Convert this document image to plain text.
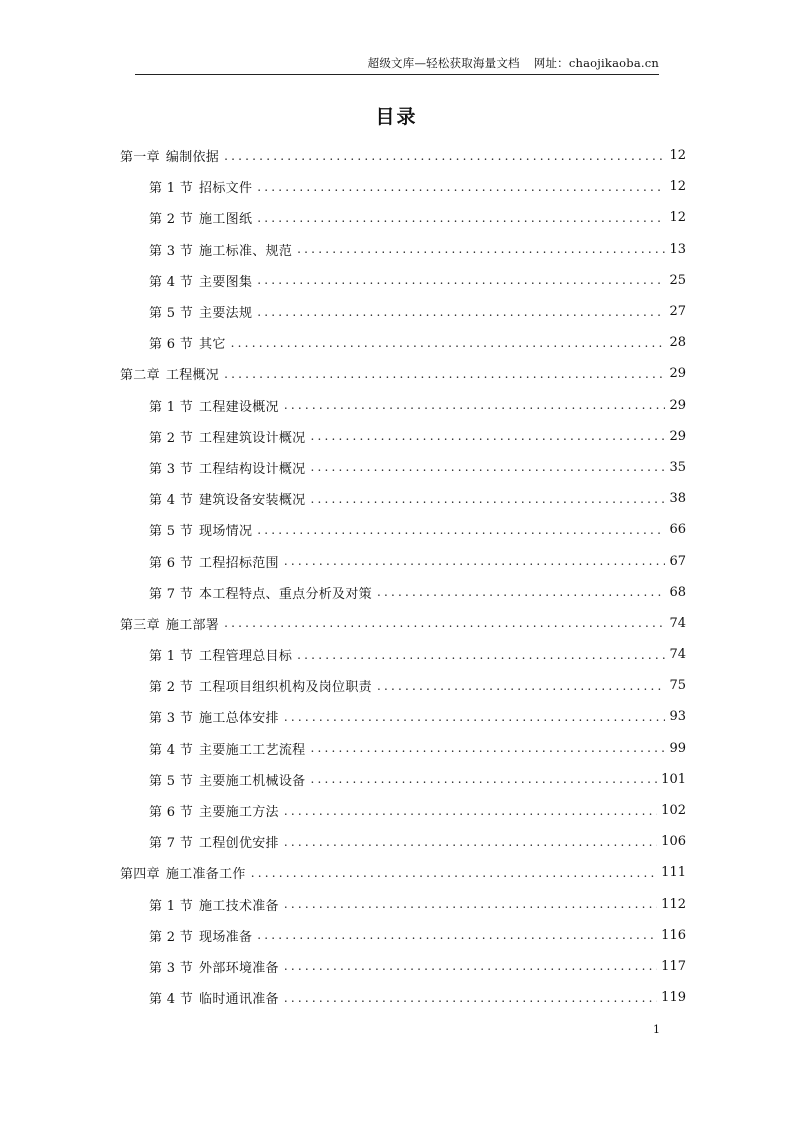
超级文库—轻松获取海量文档 网址：chaojikaoba.cn
目录
第一章 编制依据 .....	12
第 1 节 招标文件 .....	12
第 2 节 施工图纸 .....	12
第 3 节 施工标准、规范 .....	13
第 4 节 主要图集 .....	25
第 5 节 主要法规 .....	27
第 6 节 其它 .....	28
第二章 工程概况 .....	29
第 1 节 工程建设概况 .....	29
第 2 节 工程建筑设计概况 .....	29
第 3 节 工程结构设计概况 .....	35
第 4 节 建筑设备安装概况 .....	38
第 5 节 现场情况 .....	66
第 6 节 工程招标范围 .....	67
第 7 节 本工程特点、重点分析及对策 .....	68
第三章 施工部署 .....	74
第 1 节 工程管理总目标 .....	74
第 2 节 工程项目组织机构及岗位职责 .....	75
第 3 节 施工总体安排 .....	93
第 4 节 主要施工工艺流程 .....	99
第 5 节 主要施工机械设备 .....	101
第 6 节 主要施工方法 .....	102
第 7 节 工程创优安排 .....	106
第四章 施工准备工作 .....	111
第 1 节 施工技术准备 .....	112
第 2 节 现场准备 .....	116
第 3 节 外部环境准备 .....	117
第 4 节 临时通讯准备 .....	119
1
